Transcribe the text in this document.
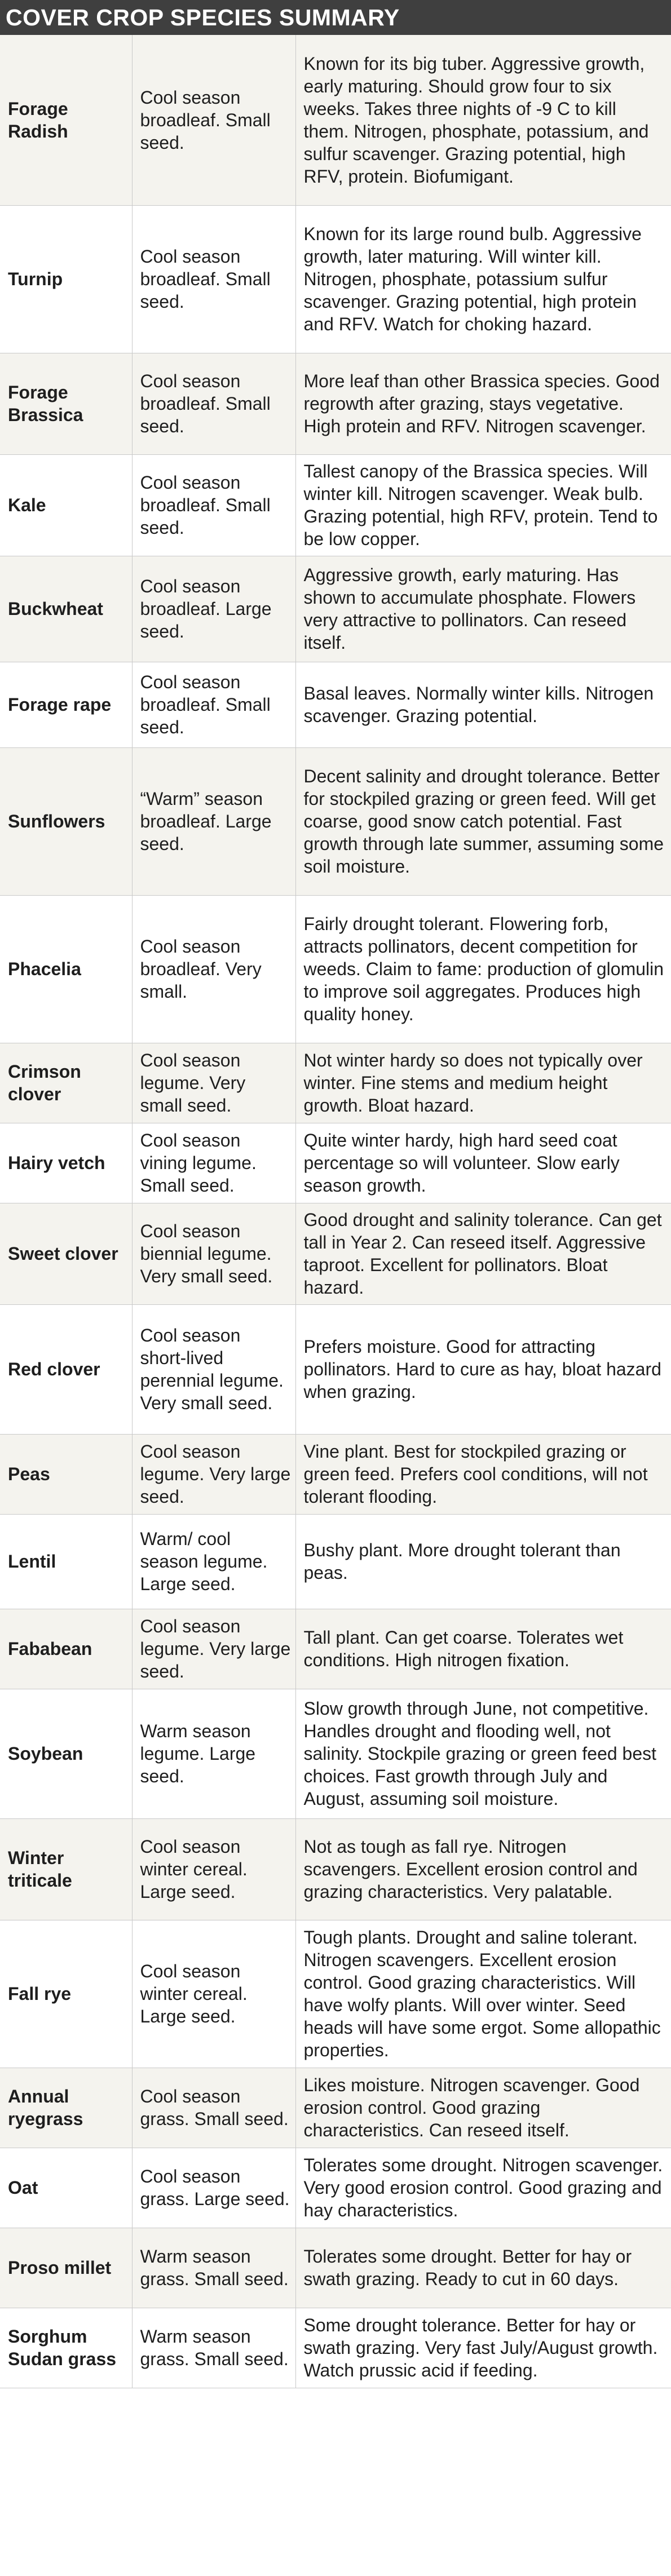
COVER CROP SPECIES SUMMARY
Forage Radish	Cool season broadleaf. Small seed.	Known for its big tuber. Aggressive growth, early maturing. Should grow four to six weeks. Takes three nights of -9 C to kill them. Nitrogen, phosphate, potassium, and sulfur scavenger. Grazing potential, high RFV, protein. Biofumigant.
Turnip	Cool season broadleaf. Small seed.	Known for its large round bulb. Aggressive growth, later maturing. Will winter kill. Nitrogen, phosphate, potassium sulfur scavenger. Grazing potential, high protein and RFV. Watch for choking hazard.
Forage Brassica	Cool season broadleaf. Small seed.	More leaf than other Brassica species. Good regrowth after grazing, stays vegetative. High protein and RFV. Nitrogen scavenger.
Kale	Cool season broadleaf. Small seed.	Tallest canopy of the Brassica species. Will winter kill. Nitrogen scavenger. Weak bulb. Grazing potential, high RFV, protein. Tend to be low copper.
Buckwheat	Cool season broadleaf. Large seed.	Aggressive growth, early maturing. Has shown to accumulate phosphate. Flowers very attractive to pollinators. Can reseed itself.
Forage rape	Cool season broadleaf. Small seed.	Basal leaves. Normally winter kills. Nitrogen scavenger. Grazing potential.
Sunflowers	“Warm” season broadleaf. Large seed.	Decent salinity and drought tolerance. Better for stockpiled grazing or green feed. Will get coarse, good snow catch potential. Fast growth through late summer, assuming some soil moisture.
Phacelia	Cool season broadleaf. Very small.	Fairly drought tolerant. Flowering forb, attracts pollinators, decent competition for weeds. Claim to fame: production of glomulin to improve soil aggregates. Produces high quality honey.
Crimson clover	Cool season legume. Very small seed.	Not winter hardy so does not typically over winter. Fine stems and medium height growth. Bloat hazard.
Hairy vetch	Cool season vining legume. Small seed.	Quite winter hardy, high hard seed coat percentage so will volunteer. Slow early season growth.
Sweet clover	Cool season biennial legume. Very small seed.	Good drought and salinity tolerance. Can get tall in Year 2. Can reseed itself. Aggressive taproot. Excellent for pollinators. Bloat hazard.
Red clover	Cool season short-lived perennial legume. Very small seed.	Prefers moisture. Good for attracting pollinators. Hard to cure as hay, bloat hazard when grazing.
Peas	Cool season legume. Very large seed.	Vine plant. Best for stockpiled grazing or green feed. Prefers cool conditions, will not tolerant flooding.
Lentil	Warm/ cool season legume. Large seed.	Bushy plant. More drought tolerant than peas.
Fababean	Cool season legume. Very large seed.	Tall plant. Can get coarse. Tolerates wet conditions. High nitrogen fixation.
Soybean	Warm season legume. Large seed.	Slow growth through June, not competitive. Handles drought and flooding well, not salinity. Stockpile grazing or green feed best choices. Fast growth through July and August, assuming soil moisture.
Winter triticale	Cool season winter cereal. Large seed.	Not as tough as fall rye. Nitrogen scavengers. Excellent erosion control and grazing characteristics. Very palatable.
Fall rye	Cool season winter cereal. Large seed.	Tough plants. Drought and saline tolerant. Nitrogen scavengers. Excellent erosion control. Good grazing characteristics. Will have wolfy plants. Will over winter. Seed heads will have some ergot. Some allopathic properties.
Annual ryegrass	Cool season grass. Small seed.	Likes moisture. Nitrogen scavenger. Good erosion control. Good grazing characteristics. Can reseed itself.
Oat	Cool season grass. Large seed.	Tolerates some drought. Nitrogen scavenger. Very good erosion control. Good grazing and hay characteristics.
Proso millet	Warm season grass. Small seed.	Tolerates some drought. Better for hay or swath grazing. Ready to cut in 60 days.
Sorghum Sudan grass	Warm season grass. Small seed.	Some drought tolerance. Better for hay or swath grazing. Very fast July/August growth. Watch prussic acid if feeding.
